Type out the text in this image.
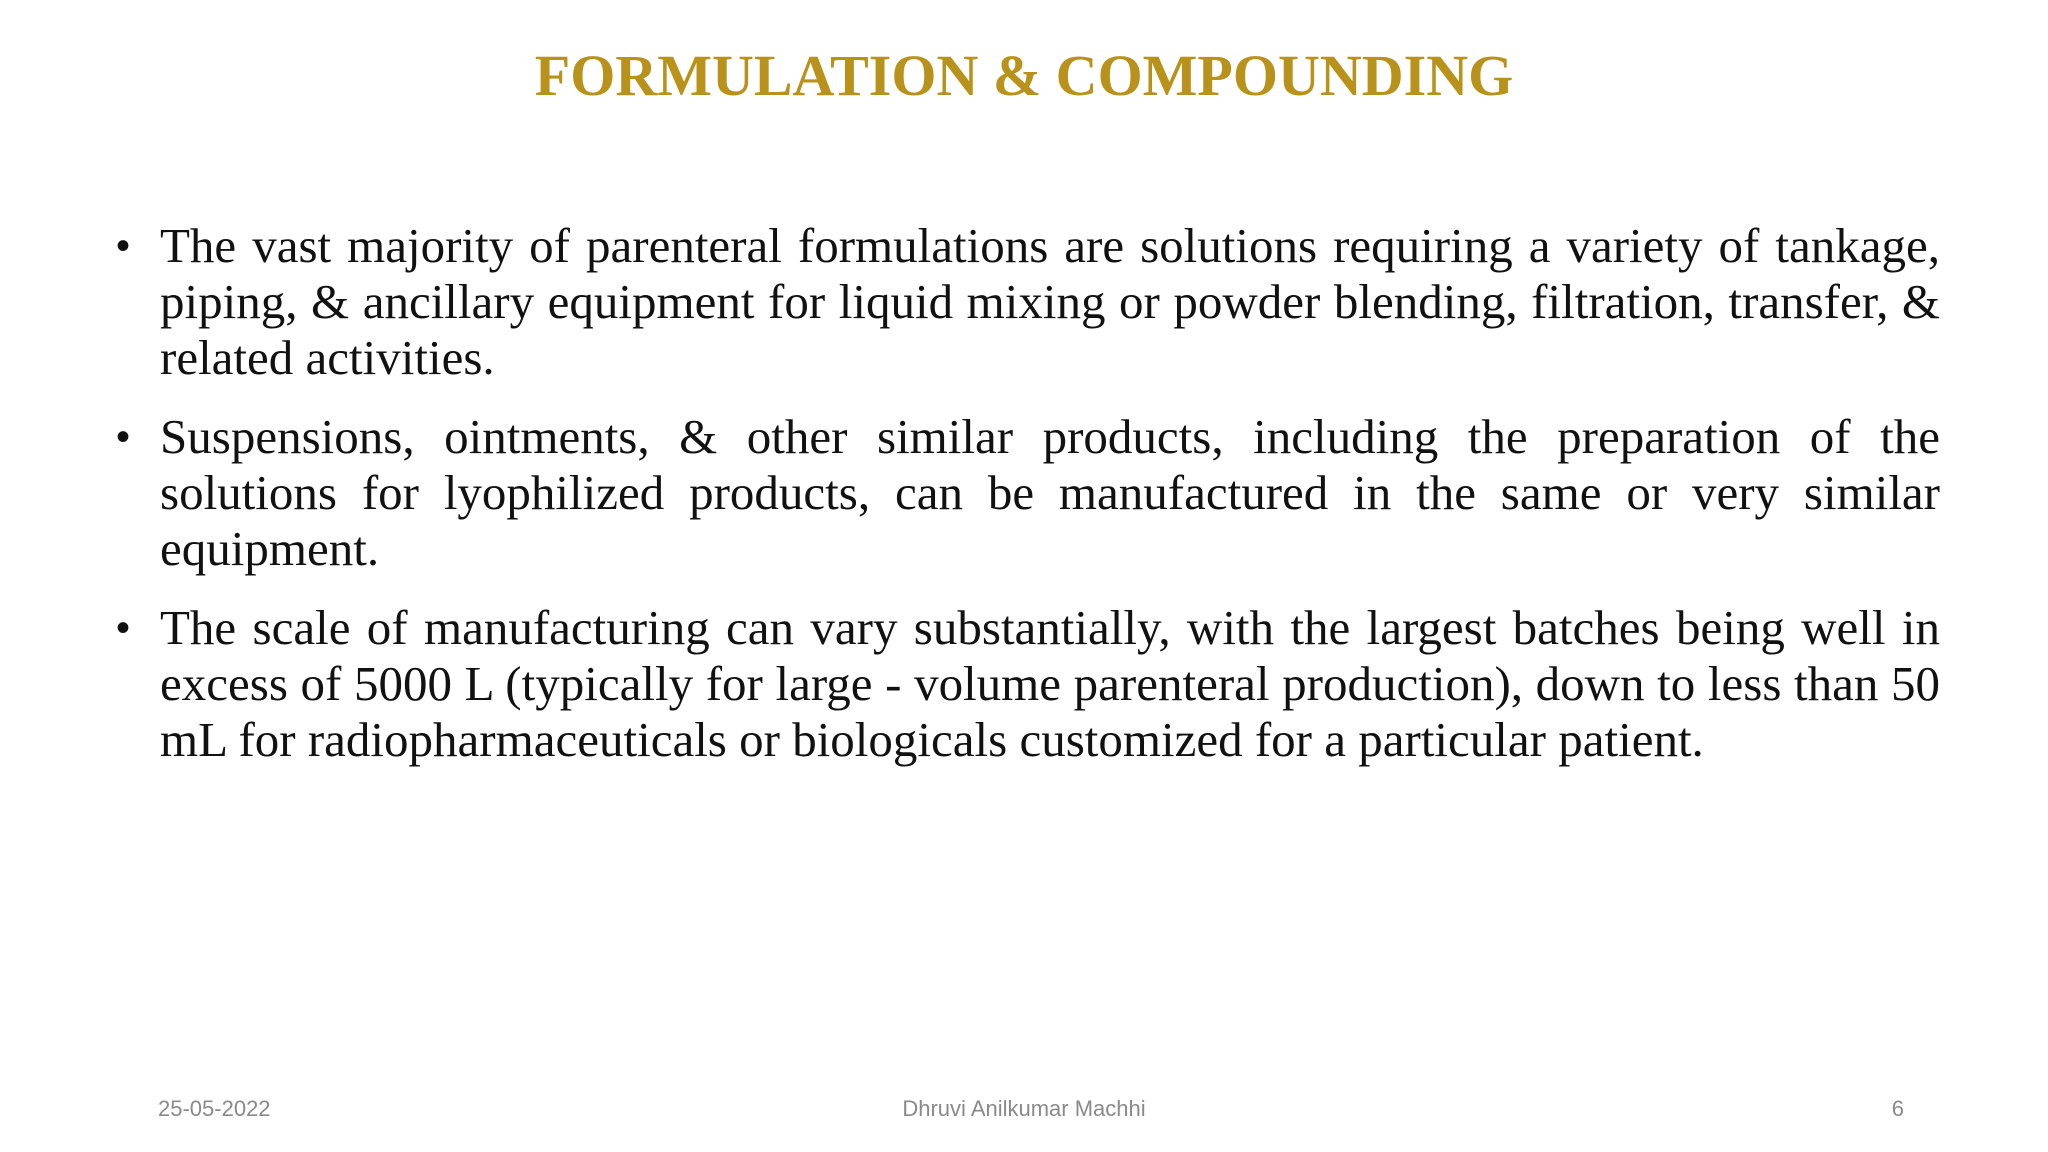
FORMULATION & COMPOUNDING
• The vast majority of parenteral formulations are solutions requiring a variety of tankage, piping, & ancillary equipment for liquid mixing or powder blending, filtration, transfer, & related activities.
• Suspensions, ointments, & other similar products, including the preparation of the solutions for lyophilized products, can be manufactured in the same or very similar equipment.
• The scale of manufacturing can vary substantially, with the largest batches being well in excess of 5000 L (typically for large - volume parenteral production), down to less than 50 mL for radiopharmaceuticals or biologicals customized for a particular patient.
25-05-2022	Dhruvi Anilkumar Machhi	6
